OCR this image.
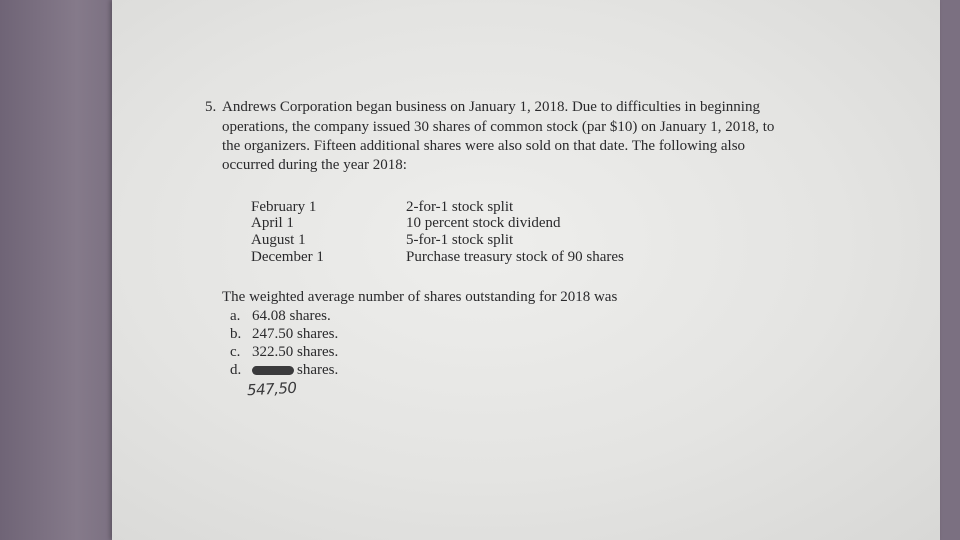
5. Andrews Corporation began business on January 1, 2018. Due to difficulties in beginning
operations, the company issued 30 shares of common stock (par $10) on January 1, 2018, to
the organizers. Fifteen additional shares were also sold on that date. The following also
occurred during the year 2018:
February 1	2-for-1 stock split
April 1	10 percent stock dividend
August 1	5-for-1 stock split
December 1	Purchase treasury stock of 90 shares
The weighted average number of shares outstanding for 2018 was
a. 64.08 shares.
b. 247.50 shares.
c. 322.50 shares.
d.	shares.
547,50
